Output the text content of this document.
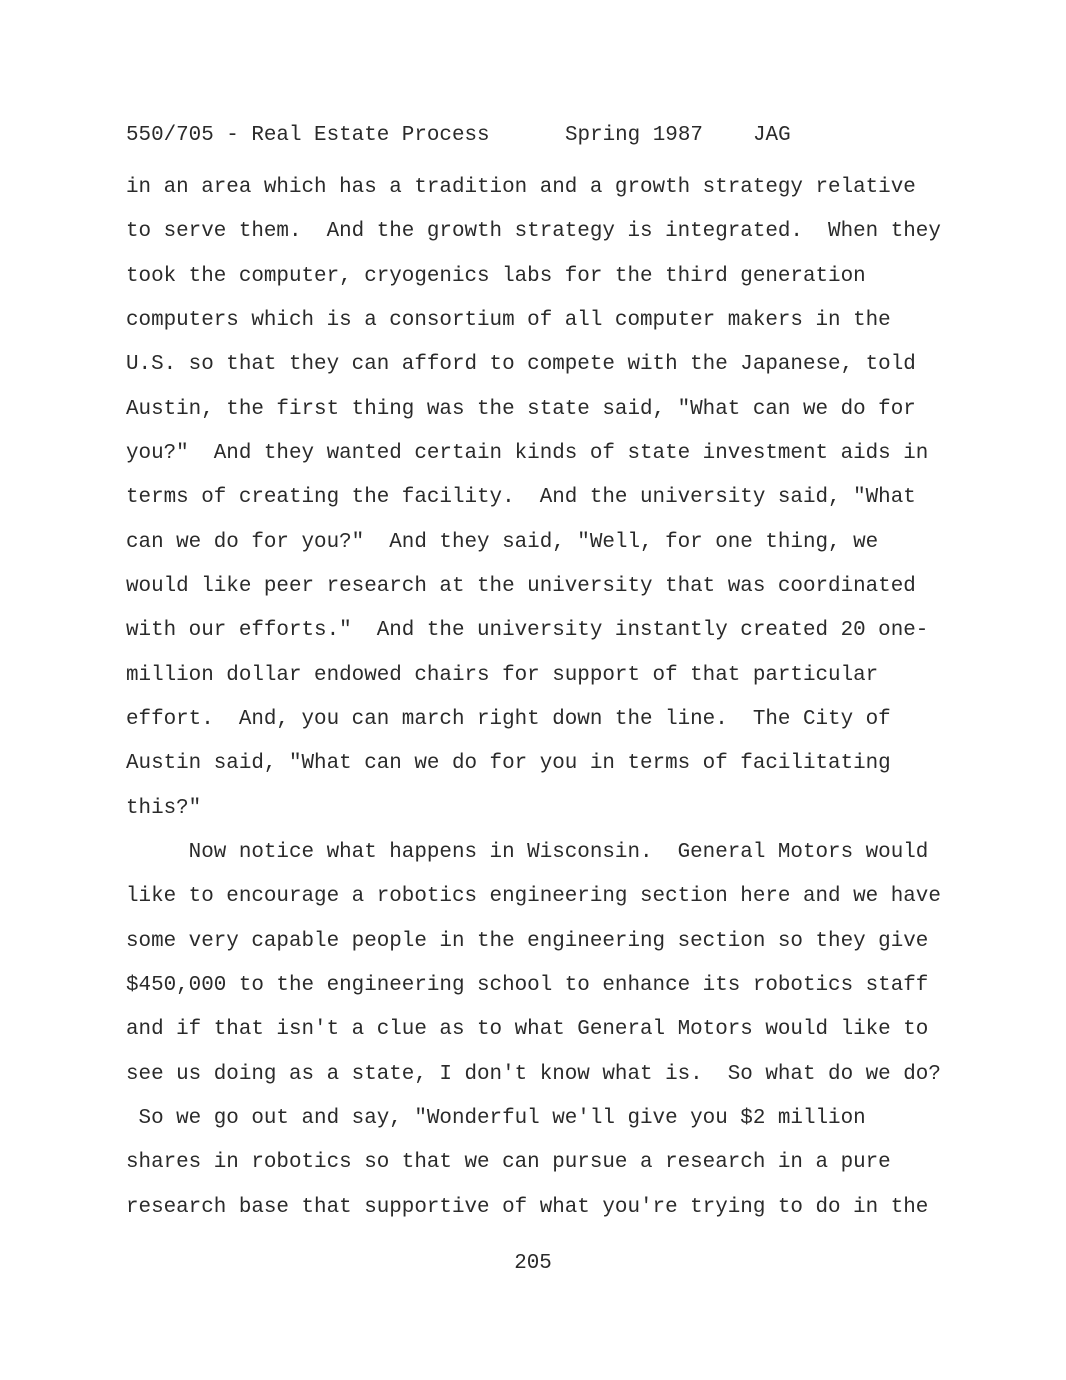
550/705 - Real Estate Process

	Spring 1987

JAG

in an area which has a tradition and a growth strategy relative
to serve them.  And the growth strategy is integrated.  When they
took the computer, cryogenics labs for the third generation
computers which is a consortium of all computer makers in the
U.S. so that they can afford to compete with the Japanese, told
Austin, the first thing was the state said, "What can we do for
you?"  And they wanted certain kinds of state investment aids in
terms of creating the facility.  And the university said, "What
can we do for you?"  And they said, "Well, for one thing, we
would like peer research at the university that was coordinated
with our efforts."  And the university instantly created 20 one-
million dollar endowed chairs for support of that particular
effort.  And, you can march right down the line.  The City of
Austin said, "What can we do for you in terms of facilitating
this?"
Now notice what happens in Wisconsin.  General Motors would
like to encourage a robotics engineering section here and we have
some very capable people in the engineering section so they give
$450,000 to the engineering school to enhance its robotics staff
and if that isn't a clue as to what General Motors would like to
see us doing as a state, I don't know what is.  So what do we do?
So we go out and say, "Wonderful we'll give you $2 million
shares in robotics so that we can pursue a research in a pure
research base that supportive of what you're trying to do in the
205
